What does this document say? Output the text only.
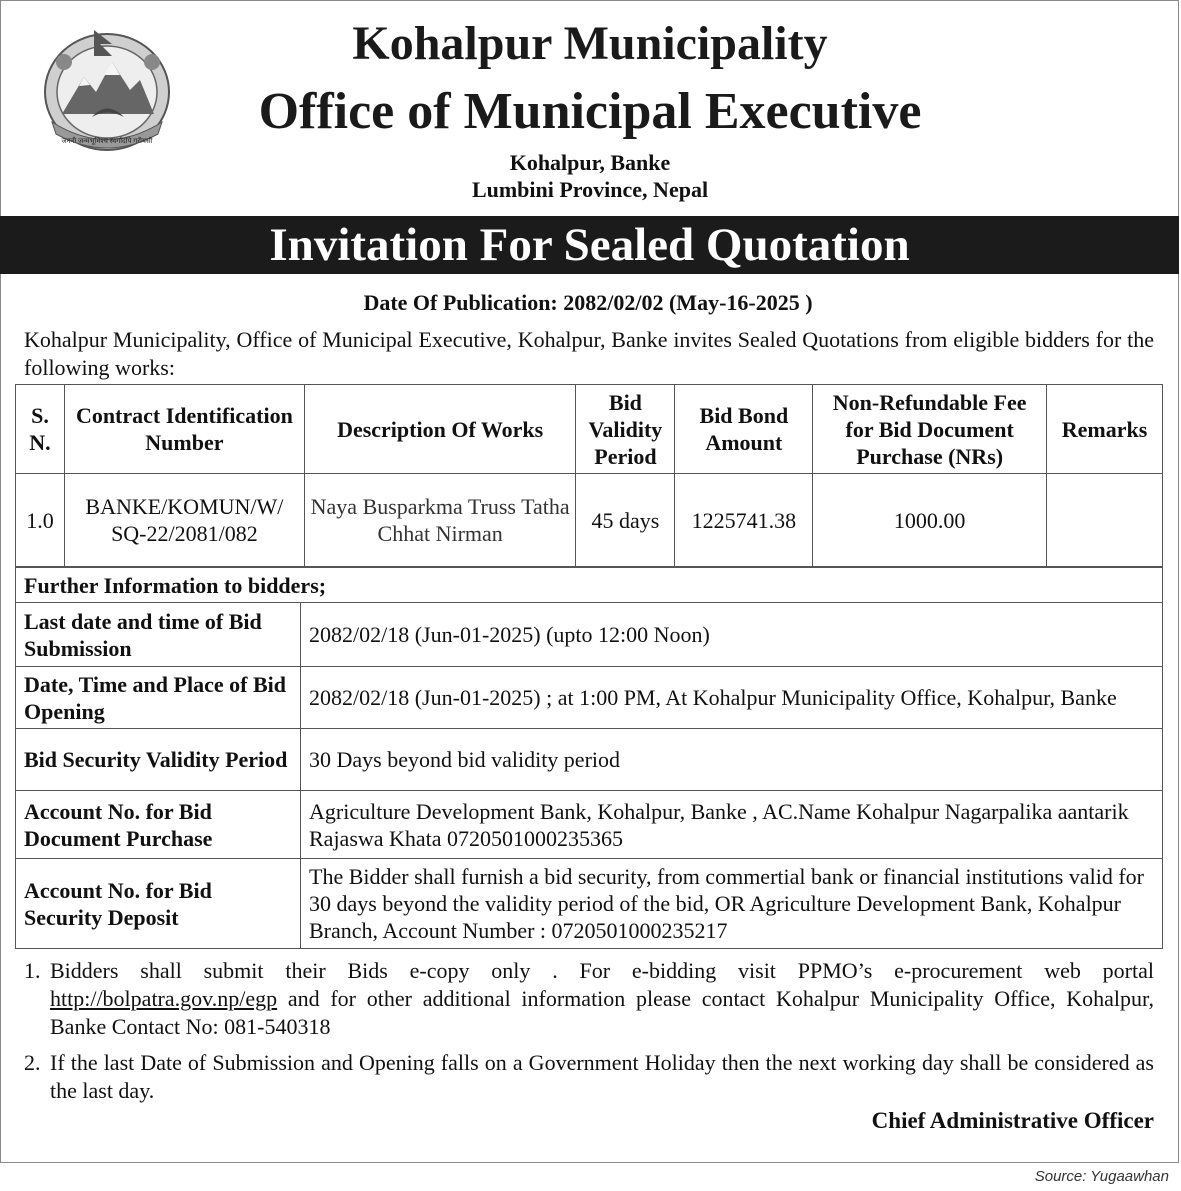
जननी जन्मभूमिश्च स्वर्गादपि गरीयसी
Kohalpur Municipality
Office of Municipal Executive
Kohalpur, Banke
Lumbini Province, Nepal
Invitation For Sealed Quotation
Date Of Publication: 2082/02/02 (May-16-2025 )
Kohalpur Municipality, Office of Municipal Executive, Kohalpur, Banke invites Sealed Quotations from eligible bidders for the following works:
S. N.	Contract Identification Number	Description Of Works	Bid Validity Period	Bid Bond Amount	Non-Refundable Fee for Bid Document Purchase (NRs)	Remarks
1.0	BANKE/KOMUN/W/ SQ-22/2081/082	Naya Busparkma Truss Tatha Chhat Nirman	45 days	1225741.38	1000.00	
Further Information to bidders;	
Last date and time of Bid Submission	2082/02/18 (Jun-01-2025) (upto 12:00 Noon)
Date, Time and Place of Bid Opening	2082/02/18 (Jun-01-2025) ; at 1:00 PM, At Kohalpur Municipality Office, Kohalpur, Banke
Bid Security Validity Period	30 Days beyond bid validity period
Account No. for Bid Document Purchase	Agriculture Development Bank, Kohalpur, Banke , AC.Name Kohalpur Nagarpalika aantarik Rajaswa Khata 0720501000235365
Account No. for Bid Security Deposit	The Bidder shall furnish a bid security, from commertial bank or financial institutions valid for 30 days beyond the validity period of the bid, OR Agriculture Development Bank, Kohalpur Branch, Account Number : 0720501000235217
1. Bidders shall submit their Bids e-copy only . For e-bidding visit PPMO’s e-procurement web portal http://bolpatra.gov.np/egp and for other additional information please contact Kohalpur Municipality Office, Kohalpur, Banke Contact No: 081-540318
2. If the last Date of Submission and Opening falls on a Government Holiday then the next working day shall be considered as the last day.
Chief Administrative Officer
Source: Yugaawhan
